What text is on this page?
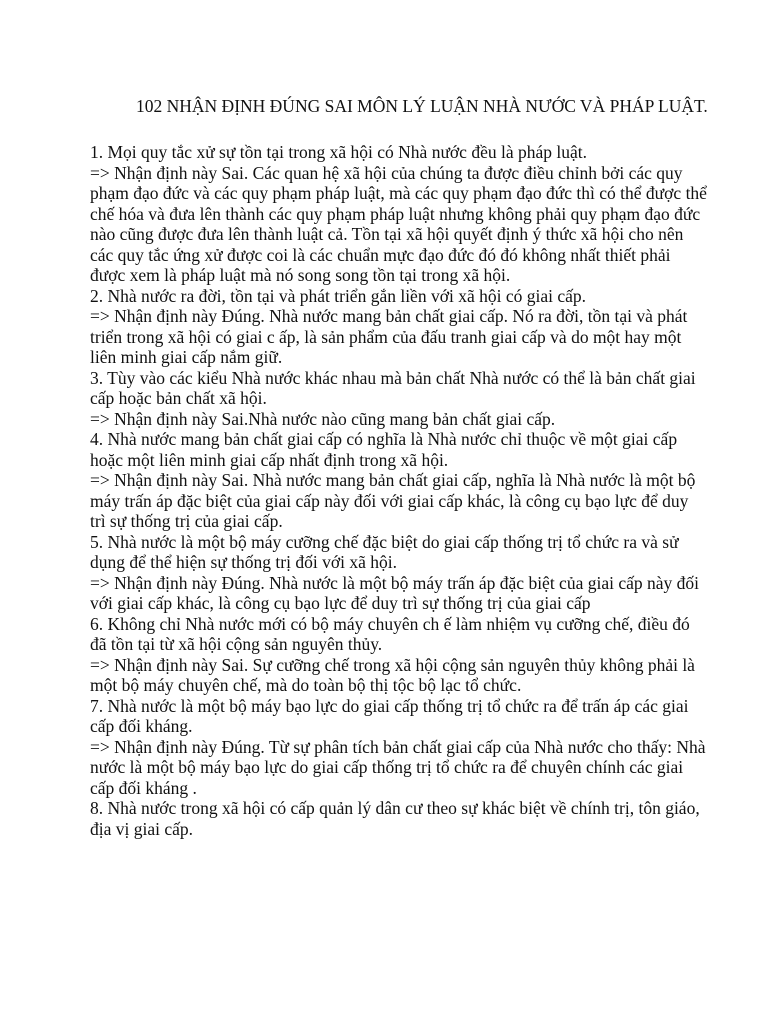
102 NHẬN ĐỊNH ĐÚNG SAI MÔN LÝ LUẬN NHÀ NƯỚC VÀ PHÁP LUẬT.

1. Mọi quy tắc xử sự tồn tại trong xã hội có Nhà nước đều là pháp luật.

=> Nhận định này Sai. Các quan hệ xã hội của chúng ta được điều chỉnh bởi các quy phạm đạo đức và các quy phạm pháp luật, mà các quy phạm đạo đức thì có thể được thể chế hóa và đưa lên thành các quy phạm pháp luật nhưng không phải quy phạm đạo đức nào cũng được đưa lên thành luật cả. Tồn tại xã hội quyết định ý thức xã hội cho nên các quy tắc ứng xử được coi là các chuẩn mực đạo đức đó đó không nhất thiết phải được xem là pháp luật mà nó song song tồn tại trong xã hội.

2. Nhà nước ra đời, tồn tại và phát triển gắn liền với xã hội có giai cấp.

=> Nhận định này Đúng. Nhà nước mang bản chất giai cấp. Nó ra đời, tồn tại và phát triển trong xã hội có giai c ấp, là sản phẩm của đấu tranh giai cấp và do một hay một liên minh giai cấp nắm giữ.

3. Tùy vào các kiểu Nhà nước khác nhau mà bản chất Nhà nước có thể là bản chất giai cấp hoặc bản chất xã hội.

=> Nhận định này Sai.Nhà nước nào cũng mang bản chất giai cấp.

4. Nhà nước mang bản chất giai cấp có nghĩa là Nhà nước chỉ thuộc về một giai cấp hoặc một liên minh giai cấp nhất định trong xã hội.

=> Nhận định này Sai. Nhà nước mang bản chất giai cấp, nghĩa là Nhà nước là một bộ máy trấn áp đặc biệt của giai cấp này đối với giai cấp khác, là công cụ bạo lực để duy trì sự thống trị của giai cấp.

5. Nhà nước là một bộ máy cưỡng chế đặc biệt do giai cấp thống trị tổ chức ra và sử dụng để thể hiện sự thống trị đối với xã hội.

=> Nhận định này Đúng. Nhà nước là một bộ máy trấn áp đặc biệt của giai cấp này đối với giai cấp khác, là công cụ bạo lực để duy trì sự thống trị của giai cấp

6. Không chỉ Nhà nước mới có bộ máy chuyên ch ế làm nhiệm vụ cưỡng chế, điều đó đã tồn tại từ xã hội cộng sản nguyên thủy.

=> Nhận định này Sai. Sự cưỡng chế trong xã hội cộng sản nguyên thủy không phải là một bộ máy chuyên chế, mà do toàn bộ thị tộc bộ lạc tổ chức.

7. Nhà nước là một bộ máy bạo lực do giai cấp thống trị tổ chức ra để trấn áp các giai cấp đối kháng.

=> Nhận định này Đúng. Từ sự phân tích bản chất giai cấp của Nhà nước cho thấy: Nhà nước là một bộ máy bạo lực do giai cấp thống trị tổ chức ra để chuyên chính các giai cấp đối kháng .

8. Nhà nước trong xã hội có cấp quản lý dân cư theo sự khác biệt về chính trị, tôn giáo, địa vị giai cấp.
